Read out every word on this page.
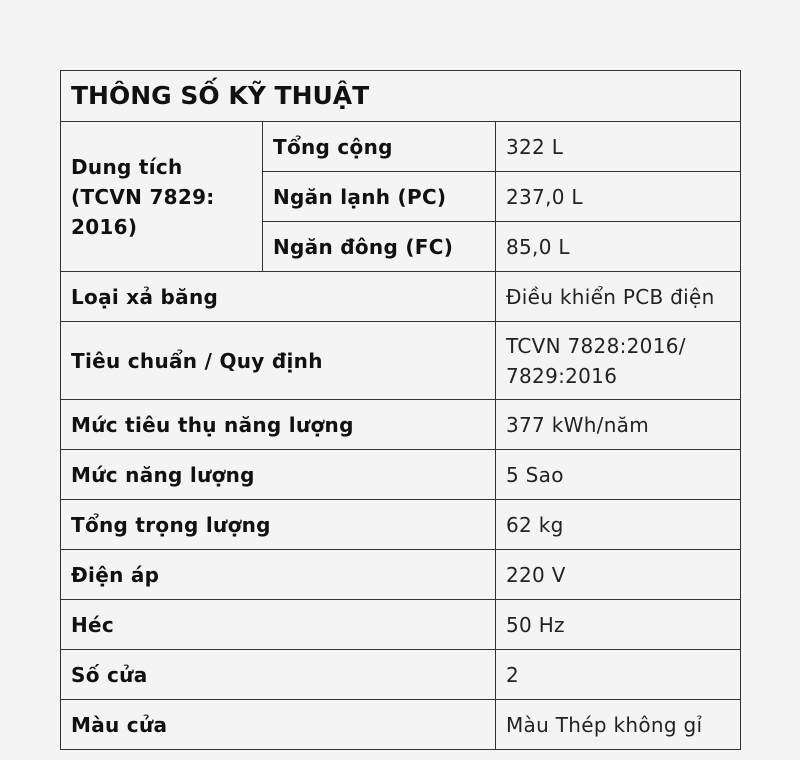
THÔNG SỐ KỸ THUẬT		
Dung tích (TCVN 7829: 2016)	Tổng cộng	322 L
	Ngăn lạnh (PC)	237,0 L
	Ngăn đông (FC)	85,0 L
Loại xả băng		Điều khiển PCB điện
Tiêu chuẩn / Quy định		TCVN 7828:2016/ 7829:2016
Mức tiêu thụ năng lượng		377 kWh/năm
Mức năng lượng		5 Sao
Tổng trọng lượng		62 kg
Điện áp		220 V
Héc		50 Hz
Số cửa		2
Màu cửa		Màu Thép không gỉ
